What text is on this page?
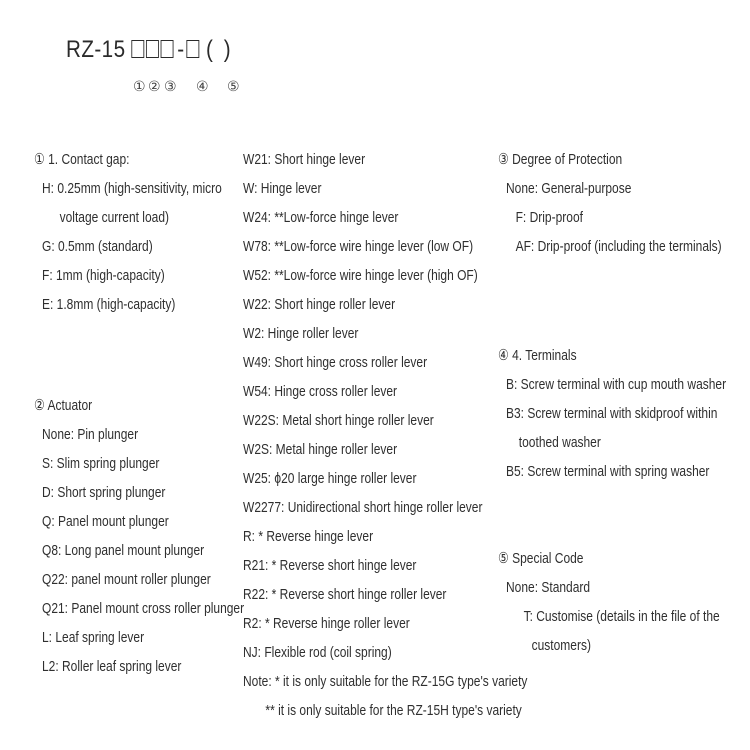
RZ-15 - ( )
① ② ③ ④ ⑤
① 1. Contact gap:
H: 0.25mm (high-sensitivity, micro
voltage current load)
G: 0.5mm (standard)
F: 1mm (high-capacity)
E: 1.8mm (high-capacity)
② Actuator
None: Pin plunger
S: Slim spring plunger
D: Short spring plunger
Q: Panel mount plunger
Q8: Long panel mount plunger
Q22: panel mount roller plunger
Q21: Panel mount cross roller plunger
L: Leaf spring lever
L2: Roller leaf spring lever
W21: Short hinge lever
W: Hinge lever
W24: **Low-force hinge lever
W78: **Low-force wire hinge lever (low OF)
W52: **Low-force wire hinge lever (high OF)
W22: Short hinge roller lever
W2: Hinge roller lever
W49: Short hinge cross roller lever
W54: Hinge cross roller lever
W22S: Metal short hinge roller lever
W2S: Metal hinge roller lever
W25: ϕ20 large hinge roller lever
W2277: Unidirectional short hinge roller lever
R: * Reverse hinge lever
R21: * Reverse short hinge lever
R22: * Reverse short hinge roller lever
R2: * Reverse hinge roller lever
NJ: Flexible rod (coil spring)
Note: * it is only suitable for the RZ-15G type's variety
** it is only suitable for the RZ-15H type's variety
③ Degree of Protection
None: General-purpose
F: Drip-proof
AF: Drip-proof (including the terminals)
④ 4. Terminals
B: Screw terminal with cup mouth washer
B3: Screw terminal with skidproof within
toothed washer
B5: Screw terminal with spring washer
⑤ Special Code
None: Standard
T: Customise (details in the file of the
customers)
